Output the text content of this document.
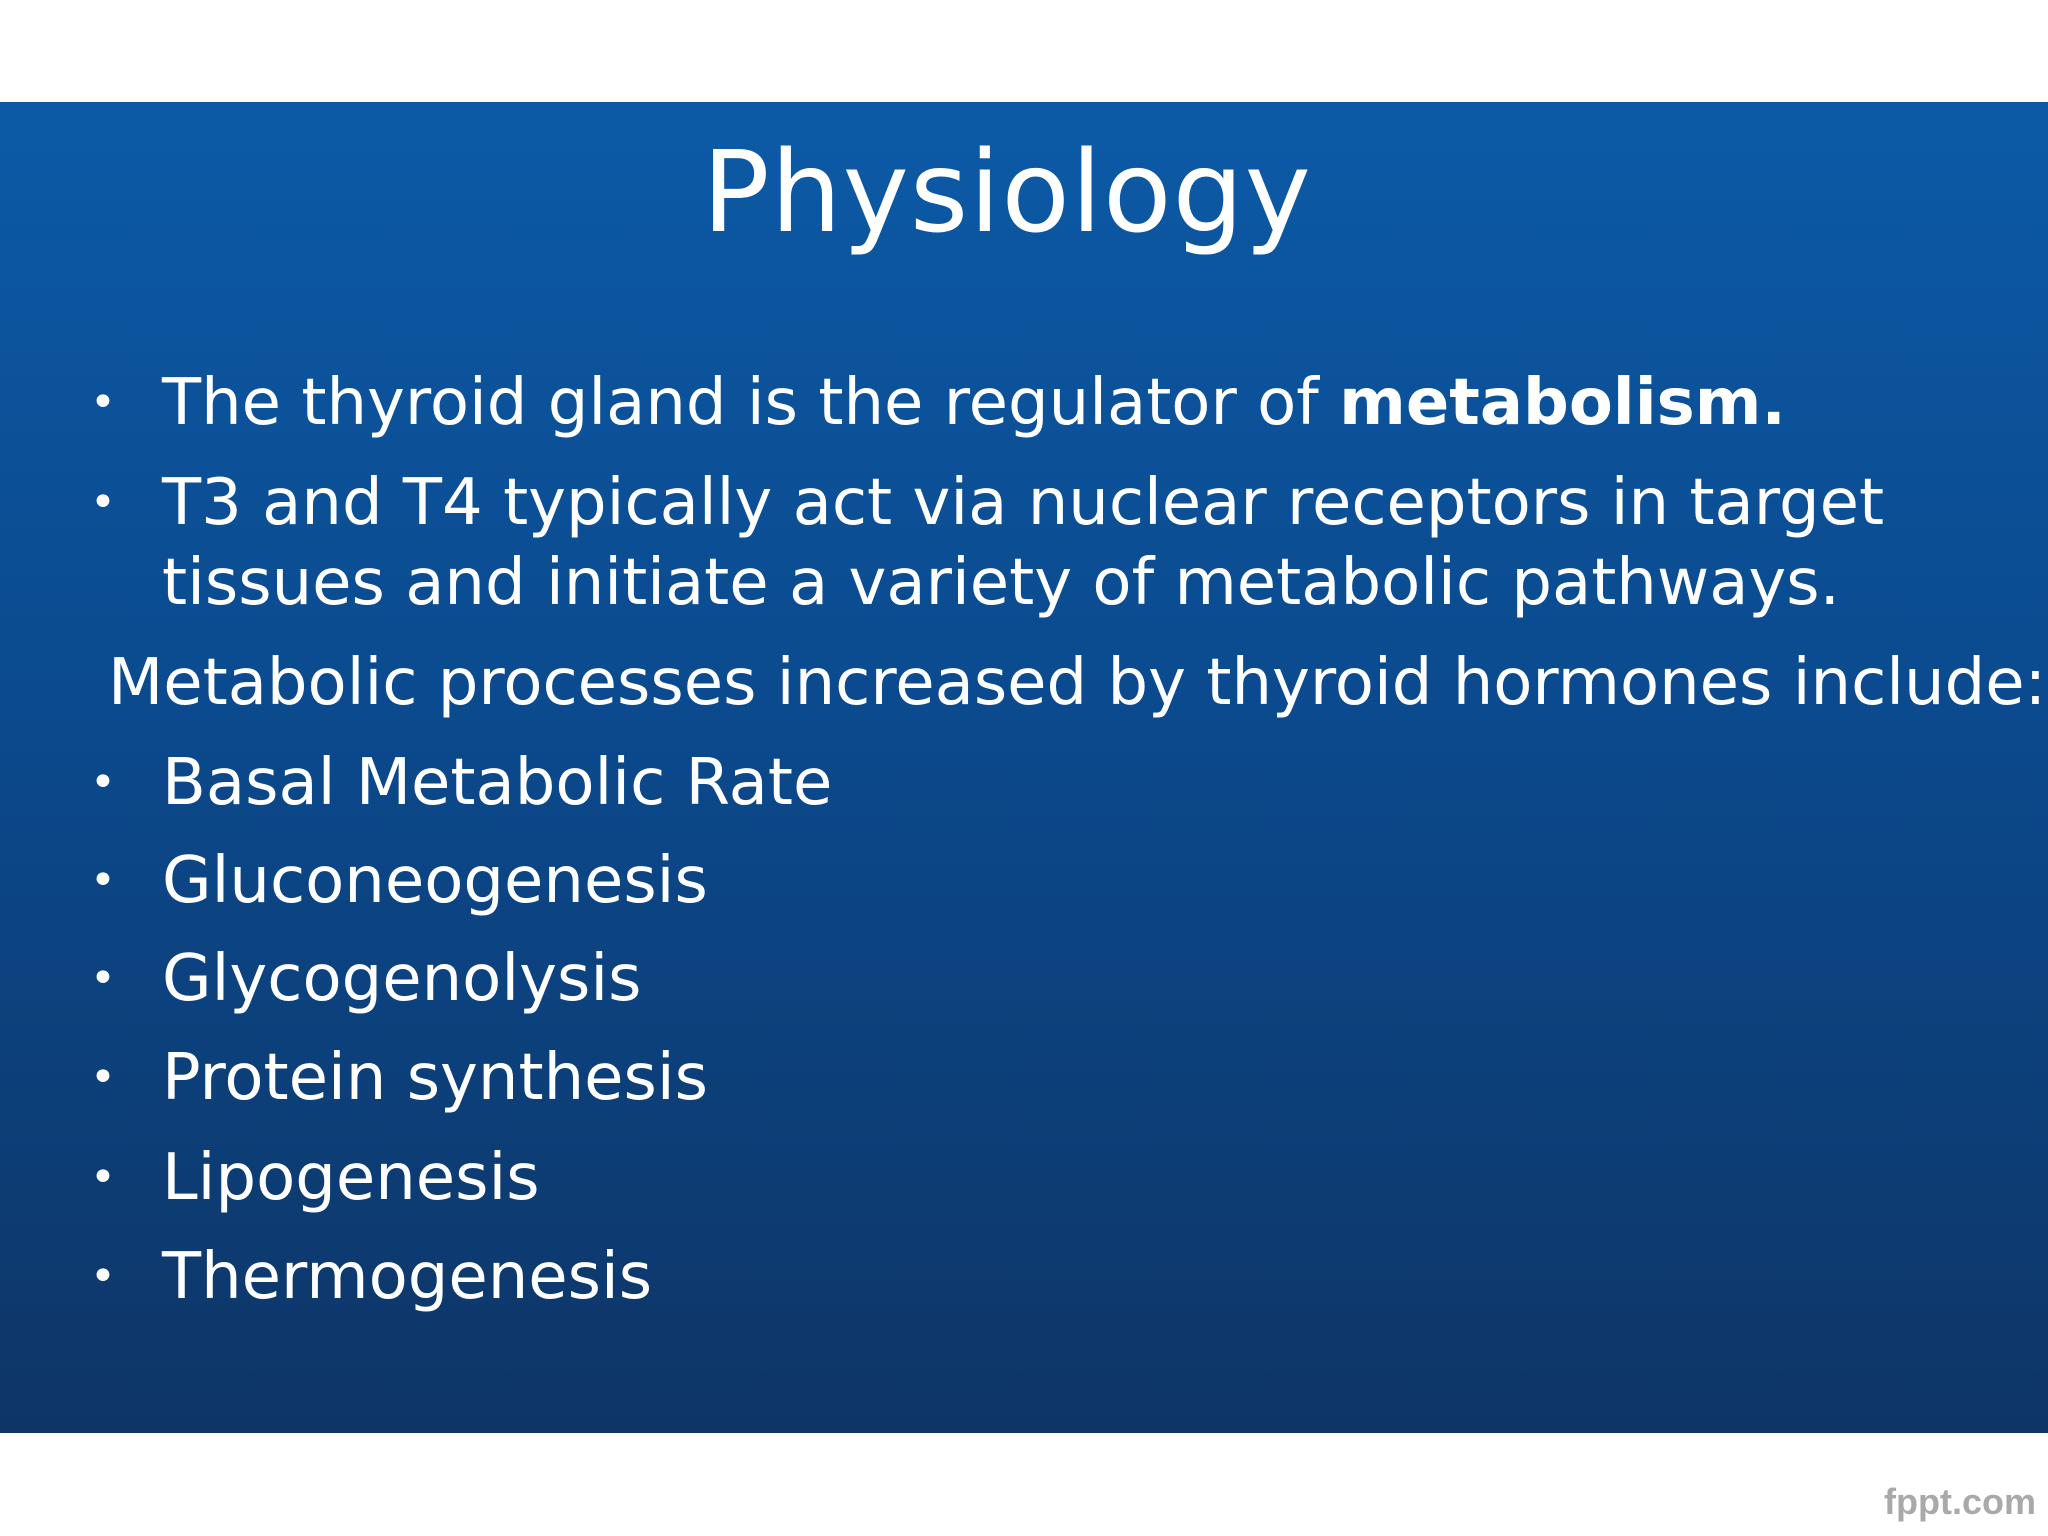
Physiology
• The thyroid gland is the regulator of metabolism.
• T3 and T4 typically act via nuclear receptors in target
tissues and initiate a variety of metabolic pathways.
Metabolic processes increased by thyroid hormones include:
• Basal Metabolic Rate
• Gluconeogenesis
• Glycogenolysis
• Protein synthesis
• Lipogenesis
• Thermogenesis
fppt.com
